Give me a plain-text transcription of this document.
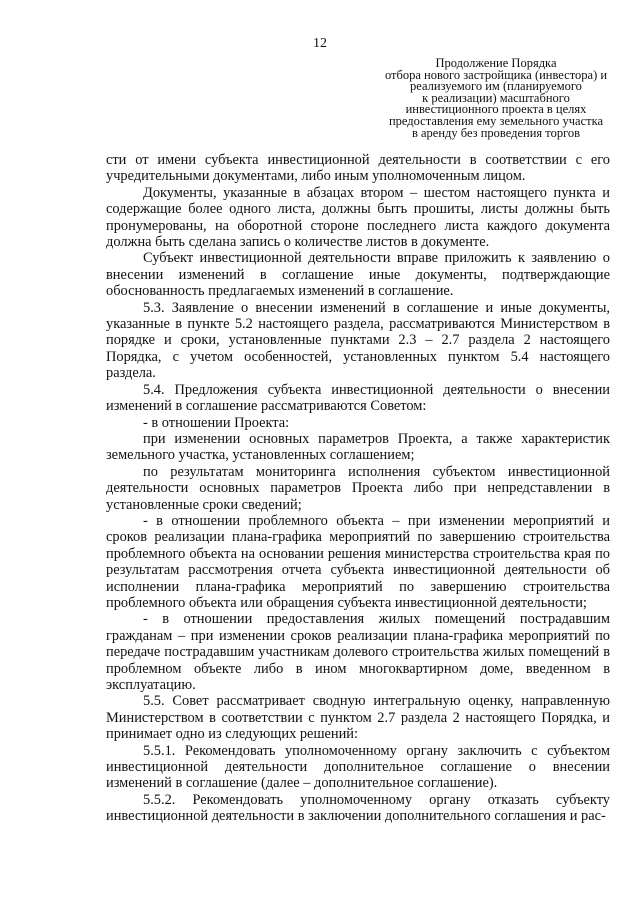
12
Продолжение Порядка
отбора нового застройщика (инвестора) и
реализуемого им (планируемого
к реализации) масштабного
инвестиционного проекта в целях
предоставления ему земельного участка
в аренду без проведения торгов

сти от имени субъекта инвестиционной деятельности в соответствии с его учредительными документами, либо иным уполномоченным лицом.

Документы, указанные в абзацах втором – шестом настоящего пункта и содержащие более одного листа, должны быть прошиты, листы должны быть пронумерованы, на оборотной стороне последнего листа каждого документа должна быть сделана запись о количестве листов в документе.

Субъект инвестиционной деятельности вправе приложить к заявлению о внесении изменений в соглашение иные документы, подтверждающие обоснованность предлагаемых изменений в соглашение.

5.3. Заявление о внесении изменений в соглашение и иные документы, указанные в пункте 5.2 настоящего раздела, рассматриваются Министерством в порядке и сроки, установленные пунктами 2.3 – 2.7 раздела 2 настоящего Порядка, с учетом особенностей, установленных пунктом 5.4 настоящего раздела.

5.4. Предложения субъекта инвестиционной деятельности о внесении изменений в соглашение рассматриваются Советом:

- в отношении Проекта:

при изменении основных параметров Проекта, а также характеристик земельного участка, установленных соглашением;

по результатам мониторинга исполнения субъектом инвестиционной деятельности основных параметров Проекта либо при непредставлении в установленные сроки сведений;

- в отношении проблемного объекта – при изменении мероприятий и сроков реализации плана-графика мероприятий по завершению строительства проблемного объекта на основании решения министерства строительства края по результатам рассмотрения отчета субъекта инвестиционной деятельности об исполнении плана-графика мероприятий по завершению строительства проблемного объекта или обращения субъекта инвестиционной деятельности;

- в отношении предоставления жилых помещений пострадавшим гражданам – при изменении сроков реализации плана-графика мероприятий по передаче пострадавшим участникам долевого строительства жилых помещений в проблемном объекте либо в ином многоквартирном доме, введенном в эксплуатацию.

5.5. Совет рассматривает сводную интегральную оценку, направленную Министерством в соответствии с пунктом 2.7 раздела 2 настоящего Порядка, и принимает одно из следующих решений:

5.5.1. Рекомендовать уполномоченному органу заключить с субъектом инвестиционной деятельности дополнительное соглашение о внесении изменений в соглашение (далее – дополнительное соглашение).

5.5.2. Рекомендовать уполномоченному органу отказать субъекту инвестиционной деятельности в заключении дополнительного соглашения и рас-
